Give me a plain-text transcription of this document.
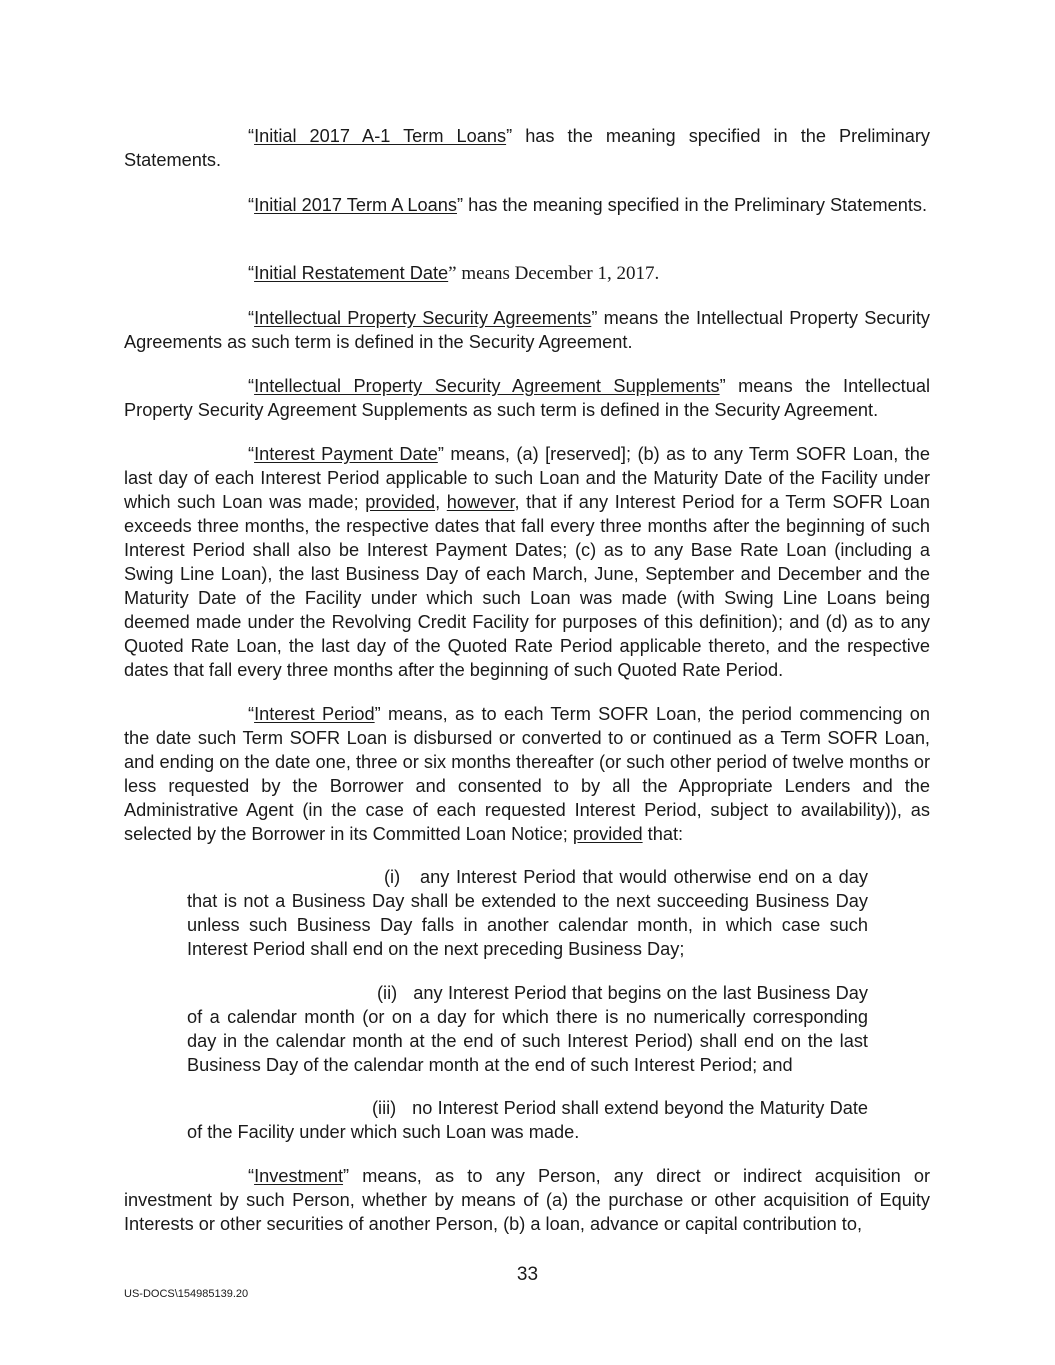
“Initial 2017 A-1 Term Loans” has the meaning specified in the Preliminary Statements.

“Initial 2017 Term A Loans” has the meaning specified in the Preliminary Statements.

“Initial Restatement Date” means December 1, 2017.

“Intellectual Property Security Agreements” means the Intellectual Property Security Agreements as such term is defined in the Security Agreement.

“Intellectual Property Security Agreement Supplements” means the Intellectual Property Security Agreement Supplements as such term is defined in the Security Agreement.

“Interest Payment Date” means, (a) [reserved]; (b) as to any Term SOFR Loan, the last day of each Interest Period applicable to such Loan and the Maturity Date of the Facility under which such Loan was made; provided, however, that if any Interest Period for a Term SOFR Loan exceeds three months, the respective dates that fall every three months after the beginning of such Interest Period shall also be Interest Payment Dates; (c) as to any Base Rate Loan (including a Swing Line Loan), the last Business Day of each March, June, September and December and the Maturity Date of the Facility under which such Loan was made (with Swing Line Loans being deemed made under the Revolving Credit Facility for purposes of this definition); and (d) as to any Quoted Rate Loan, the last day of the Quoted Rate Period applicable thereto, and the respective dates that fall every three months after the beginning of such Quoted Rate Period.

“Interest Period” means, as to each Term SOFR Loan, the period commencing on the date such Term SOFR Loan is disbursed or converted to or continued as a Term SOFR Loan, and ending on the date one, three or six months thereafter (or such other period of twelve months or less requested by the Borrower and consented to by all the Appropriate Lenders and the Administrative Agent (in the case of each requested Interest Period, subject to availability)), as selected by the Borrower in its Committed Loan Notice; provided that:

(i) any Interest Period that would otherwise end on a day that is not a Business Day shall be extended to the next succeeding Business Day unless such Business Day falls in another calendar month, in which case such Interest Period shall end on the next preceding Business Day;

(ii) any Interest Period that begins on the last Business Day of a calendar month (or on a day for which there is no numerically corresponding day in the calendar month at the end of such Interest Period) shall end on the last Business Day of the calendar month at the end of such Interest Period; and

(iii) no Interest Period shall extend beyond the Maturity Date of the Facility under which such Loan was made.

“Investment” means, as to any Person, any direct or indirect acquisition or investment by such Person, whether by means of (a) the purchase or other acquisition of Equity Interests or other securities of another Person, (b) a loan, advance or capital contribution to,

33
US-DOCS\154985139.20
